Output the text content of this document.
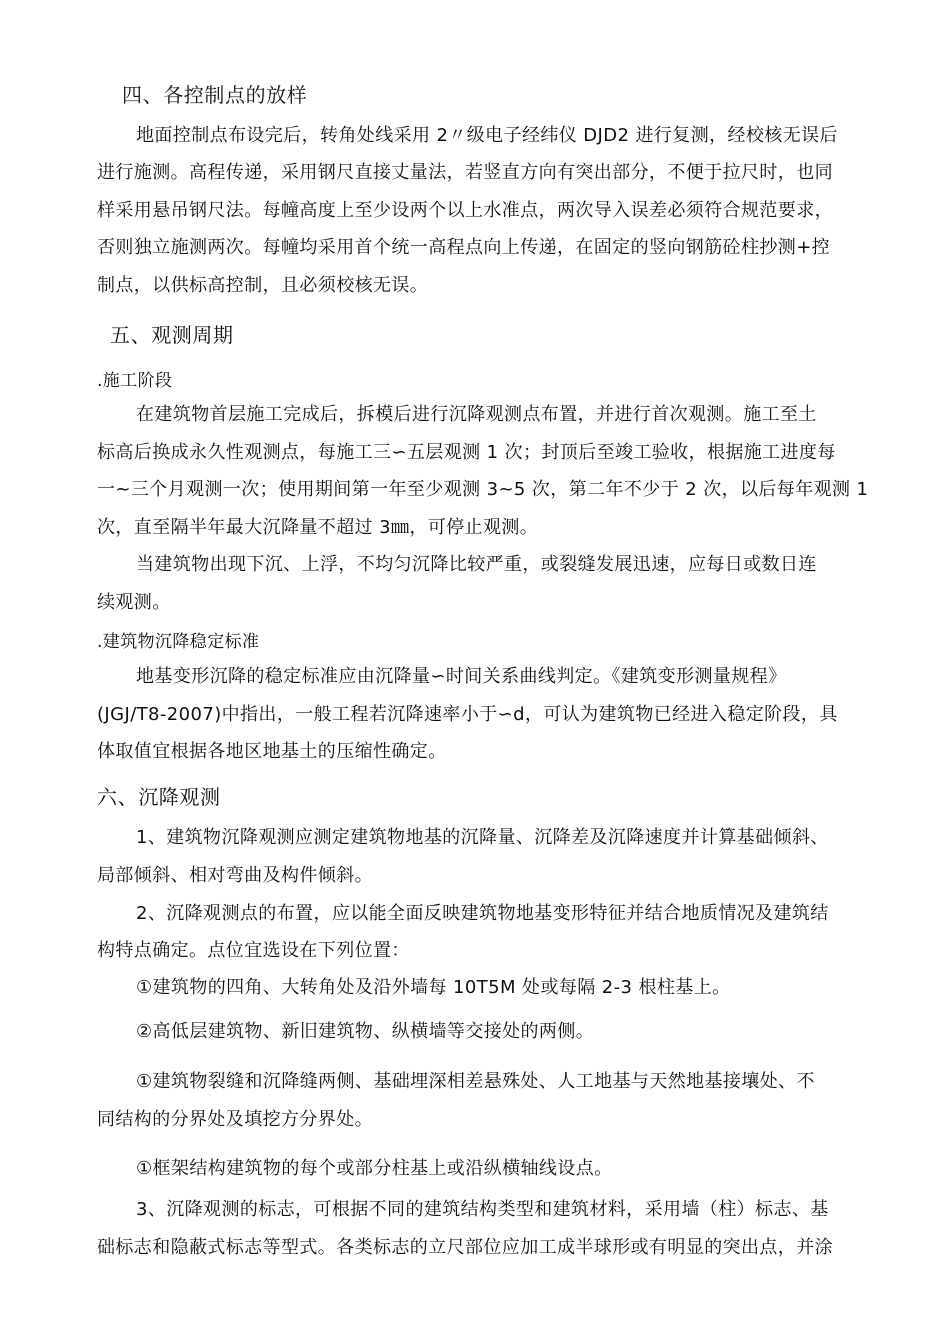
四、各控制点的放样
地面控制点布设完后，转角处线采用 2〃级电子经纬仪 DJD2 进行复测，经校核无误后
进行施测。高程传递，采用钢尺直接丈量法，若竖直方向有突出部分，不便于拉尺时，也同
样采用悬吊钢尺法。每幢高度上至少设两个以上水准点，两次导入误差必须符合规范要求，
否则独立施测两次。每幢均采用首个统一高程点向上传递，在固定的竖向钢筋砼柱抄测+控
制点，以供标高控制，且必须校核无误。
五、观测周期
.施工阶段
在建筑物首层施工完成后，拆模后进行沉降观测点布置，并进行首次观测。施工至土
标高后换成永久性观测点，每施工三∽五层观测 1 次；封顶后至竣工验收，根据施工进度每
一~三个月观测一次；使用期间第一年至少观测 3~5 次，第二年不少于 2 次，以后每年观测 1
次，直至隔半年最大沉降量不超过 3㎜，可停止观测。
当建筑物出现下沉、上浮，不均匀沉降比较严重，或裂缝发展迅速，应每日或数日连
续观测。
.建筑物沉降稳定标准
地基变形沉降的稳定标准应由沉降量∽时间关系曲线判定。《建筑变形测量规程》
(JGJ/T8-2007)中指出，一般工程若沉降速率小于∽d，可认为建筑物已经进入稳定阶段，具
体取值宜根据各地区地基土的压缩性确定。
六、沉降观测
1、建筑物沉降观测应测定建筑物地基的沉降量、沉降差及沉降速度并计算基础倾斜、
局部倾斜、相对弯曲及构件倾斜。
2、沉降观测点的布置，应以能全面反映建筑物地基变形特征并结合地质情况及建筑结
构特点确定。点位宜选设在下列位置：
①建筑物的四角、大转角处及沿外墙每 10T5M 处或每隔 2-3 根柱基上。
②高低层建筑物、新旧建筑物、纵横墙等交接处的两侧。
①建筑物裂缝和沉降缝两侧、基础埋深相差悬殊处、人工地基与天然地基接壤处、不
同结构的分界处及填挖方分界处。
①框架结构建筑物的每个或部分柱基上或沿纵横轴线设点。
3、沉降观测的标志，可根据不同的建筑结构类型和建筑材料，采用墙（柱）标志、基
础标志和隐蔽式标志等型式。各类标志的立尺部位应加工成半球形或有明显的突出点，并涂
